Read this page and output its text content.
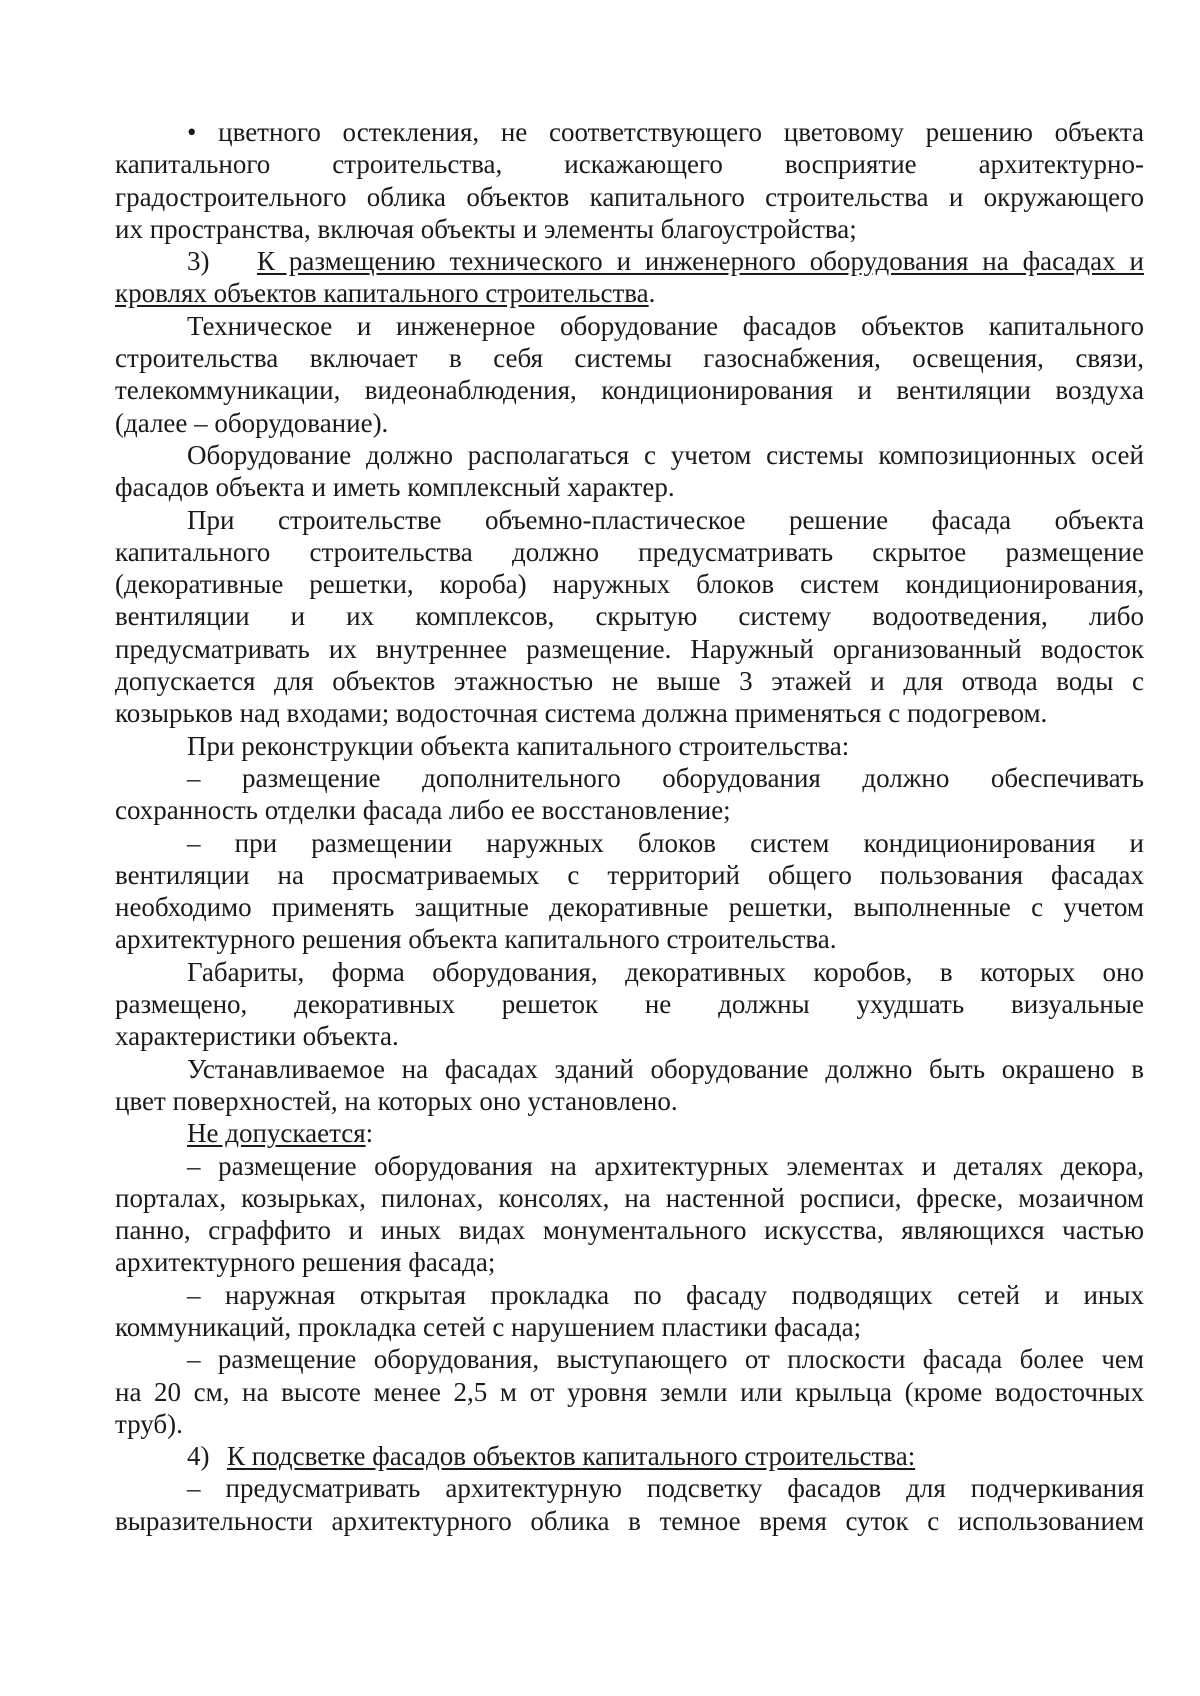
• цветного остекления, не соответствующего цветовому решению объекта
капитального строительства, искажающего восприятие архитектурно-
градостроительного облика объектов капитального строительства и окружающего
их пространства, включая объекты и элементы благоустройства;
3) К размещению технического и инженерного оборудования на фасадах и
кровлях объектов капитального строительства.
Техническое и инженерное оборудование фасадов объектов капитального
строительства включает в себя системы газоснабжения, освещения, связи,
телекоммуникации, видеонаблюдения, кондиционирования и вентиляции воздуха
(далее – оборудование).
Оборудование должно располагаться с учетом системы композиционных осей
фасадов объекта и иметь комплексный характер.
При строительстве объемно-пластическое решение фасада объекта
капитального строительства должно предусматривать скрытое размещение
(декоративные решетки, короба) наружных блоков систем кондиционирования,
вентиляции и их комплексов, скрытую систему водоотведения, либо
предусматривать их внутреннее размещение. Наружный организованный водосток
допускается для объектов этажностью не выше 3 этажей и для отвода воды с
козырьков над входами; водосточная система должна применяться с подогревом.
При реконструкции объекта капитального строительства:
– размещение дополнительного оборудования должно обеспечивать
сохранность отделки фасада либо ее восстановление;
– при размещении наружных блоков систем кондиционирования и
вентиляции на просматриваемых с территорий общего пользования фасадах
необходимо применять защитные декоративные решетки, выполненные с учетом
архитектурного решения объекта капитального строительства.
Габариты, форма оборудования, декоративных коробов, в которых оно
размещено, декоративных решеток не должны ухудшать визуальные
характеристики объекта.
Устанавливаемое на фасадах зданий оборудование должно быть окрашено в
цвет поверхностей, на которых оно установлено.
Не допускается:
– размещение оборудования на архитектурных элементах и деталях декора,
порталах, козырьках, пилонах, консолях, на настенной росписи, фреске, мозаичном
панно, сграффито и иных видах монументального искусства, являющихся частью
архитектурного решения фасада;
– наружная открытая прокладка по фасаду подводящих сетей и иных
коммуникаций, прокладка сетей с нарушением пластики фасада;
– размещение оборудования, выступающего от плоскости фасада более чем
на 20 см, на высоте менее 2,5 м от уровня земли или крыльца (кроме водосточных
труб).
4) К подсветке фасадов объектов капитального строительства:
– предусматривать архитектурную подсветку фасадов для подчеркивания
выразительности архитектурного облика в темное время суток с использованием
